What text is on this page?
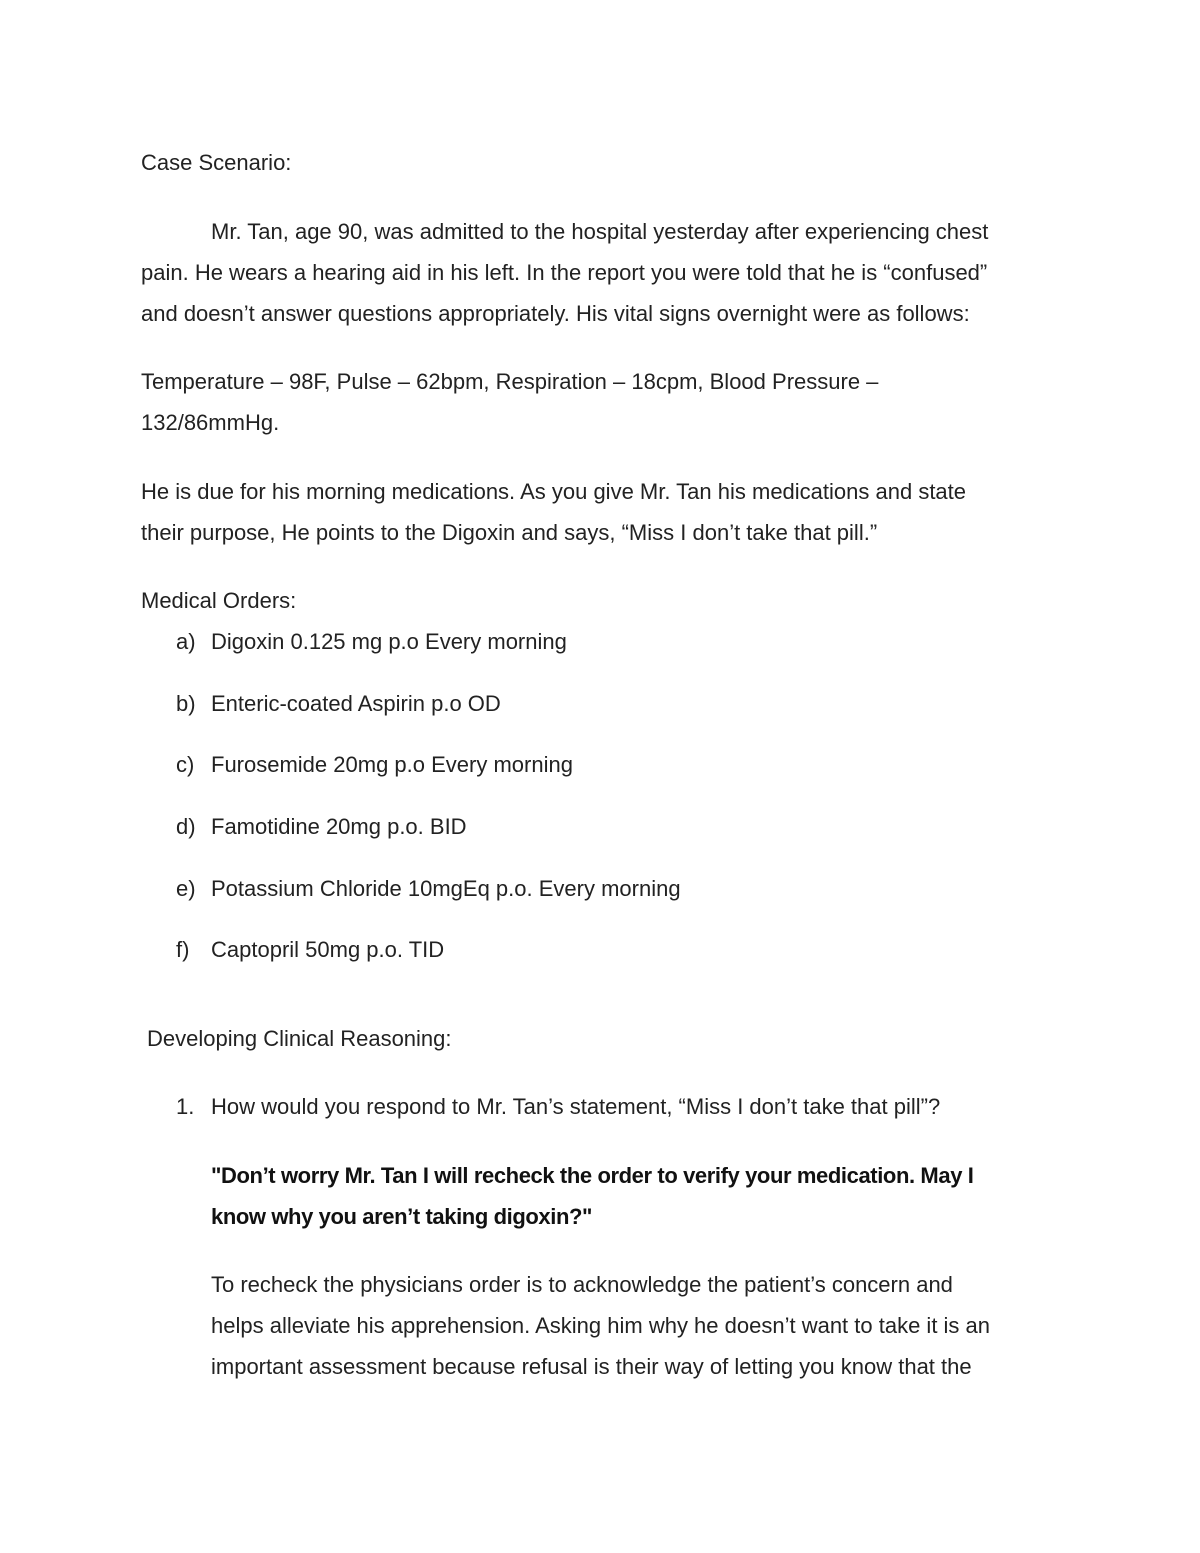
Case Scenario:

Mr. Tan, age 90, was admitted to the hospital yesterday after experiencing chest

pain. He wears a hearing aid in his left. In the report you were told that he is “confused”

and doesn’t answer questions appropriately. His vital signs overnight were as follows:

Temperature – 98F, Pulse – 62bpm, Respiration – 18cpm, Blood Pressure –

132/86mmHg.

He is due for his morning medications. As you give Mr. Tan his medications and state

their purpose, He points to the Digoxin and says, “Miss I don’t take that pill.”

Medical Orders:

a) Digoxin 0.125 mg p.o Every morning
b) Enteric-coated Aspirin p.o OD
c) Furosemide 20mg p.o Every morning
d) Famotidine 20mg p.o. BID
e) Potassium Chloride 10mgEq p.o. Every morning
f) Captopril 50mg p.o. TID

Developing Clinical Reasoning:

1. How would you respond to Mr. Tan’s statement, “Miss I don’t take that pill”?

"Don’t worry Mr. Tan I will recheck the order to verify your medication. May I

know why you aren’t taking digoxin?"

To recheck the physicians order is to acknowledge the patient’s concern and

helps alleviate his apprehension. Asking him why he doesn’t want to take it is an

important assessment because refusal is their way of letting you know that the
